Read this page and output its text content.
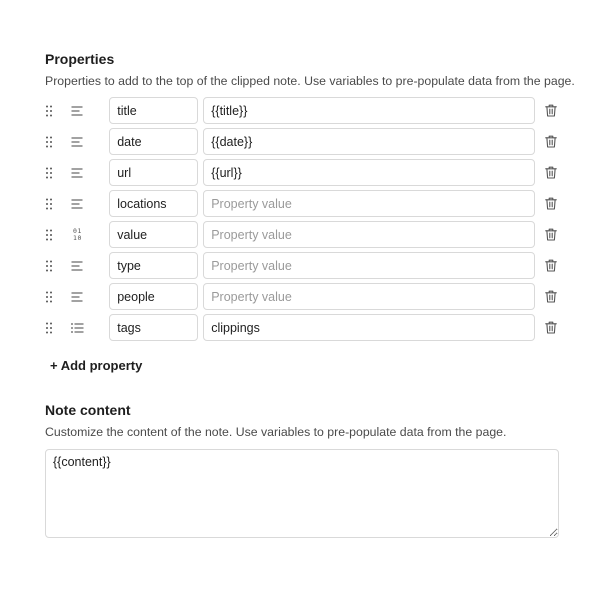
Properties
Properties to add to the top of the clipped note. Use variables to pre-populate data from the page.
title
{{title}}
date
{{date}}
url
{{url}}
locations
Property value
01
10
value
Property value
type
Property value
people
Property value
tags
clippings
+ Add property
Note content
Customize the content of the note. Use variables to pre-populate data from the page.
{{content}}
